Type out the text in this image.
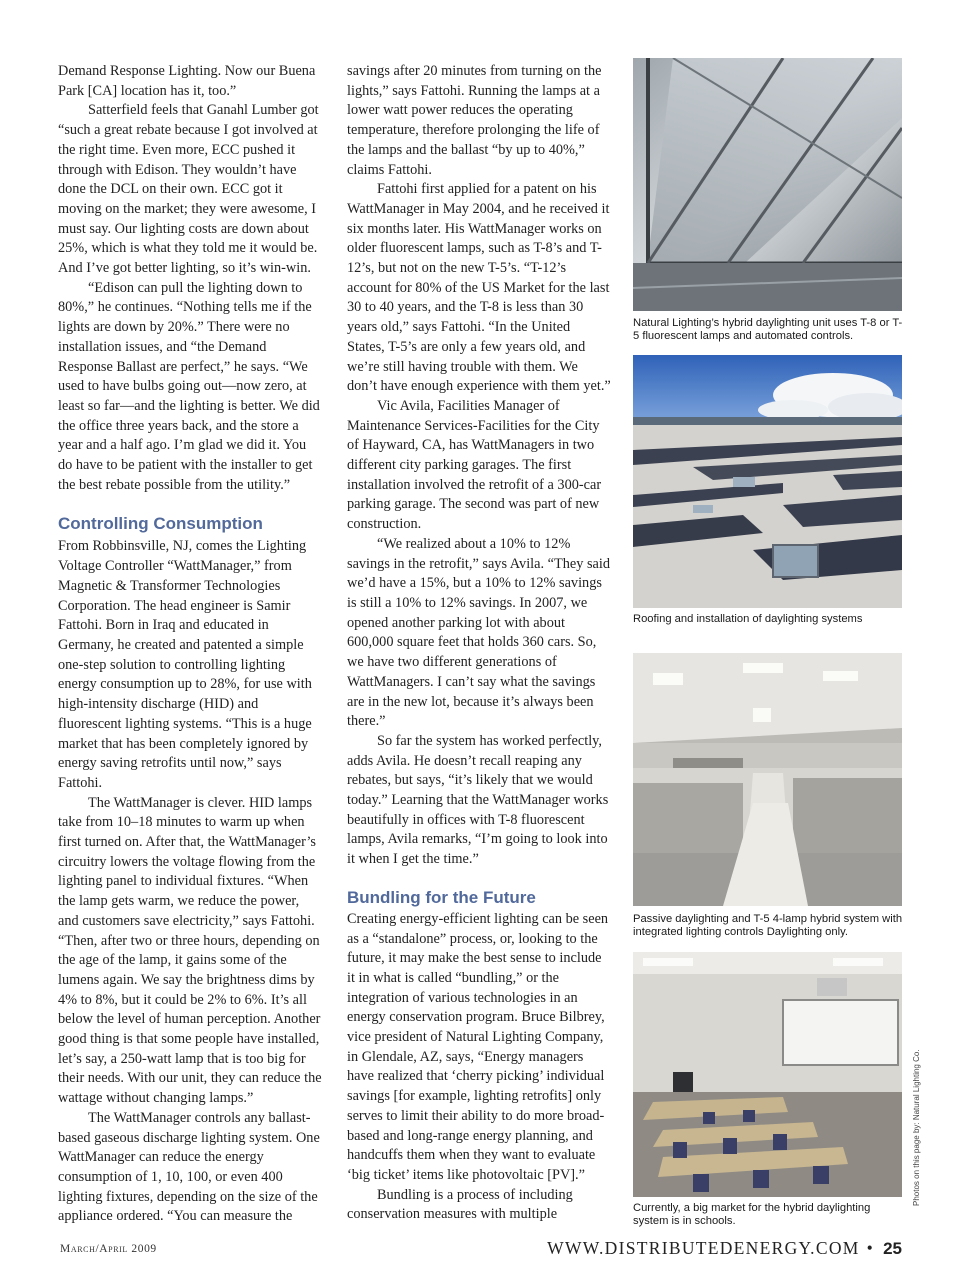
Demand Response Lighting. Now our Buena Park [CA] location has it, too.”

Satterfield feels that Ganahl Lumber got “such a great rebate because I got involved at the right time. Even more, ECC pushed it through with Edison. They wouldn’t have done the DCL on their own. ECC got it moving on the market; they were awesome, I must say. Our lighting costs are down about 25%, which is what they told me it would be. And I’ve got better lighting, so it’s win-win.

“Edison can pull the lighting down to 80%,” he continues. “Nothing tells me if the lights are down by 20%.” There were no installation issues, and “the Demand Response Ballast are perfect,” he says. “We used to have bulbs going out—now zero, at least so far—and the lighting is better. We did the office three years back, and the store a year and a half ago. I’m glad we did it. You do have to be patient with the installer to get the best rebate possible from the utility.”

Controlling Consumption

From Robbinsville, NJ, comes the Lighting Voltage Controller “WattManager,” from Magnetic & Transformer Technologies Corporation. The head engineer is Samir Fattohi. Born in Iraq and educated in Germany, he created and patented a simple one-step solution to controlling lighting energy consumption up to 28%, for use with high-intensity discharge (HID) and fluorescent lighting systems. “This is a huge market that has been completely ignored by energy saving retrofits until now,” says Fattohi.

The WattManager is clever. HID lamps take from 10–18 minutes to warm up when first turned on. After that, the WattManager’s circuitry lowers the voltage flowing from the lighting panel to individual fixtures. “When the lamp gets warm, we reduce the power, and customers save electricity,” says Fattohi. “Then, after two or three hours, depending on the age of the lamp, it gains some of the lumens again. We say the brightness dims by 4% to 8%, but it could be 2% to 6%. It’s all below the level of human perception. Another good thing is that some people have installed, let’s say, a 250-watt lamp that is too big for their needs. With our unit, they can reduce the wattage without changing lamps.”

The WattManager controls any ballast-based gaseous discharge lighting system. One WattManager can reduce the energy consumption of 1, 10, 100, or even 400 lighting fixtures, depending on the size of the appliance ordered. “You can measure the

savings after 20 minutes from turning on the lights,” says Fattohi. Running the lamps at a lower watt power reduces the operating temperature, therefore prolonging the life of the lamps and the ballast “by up to 40%,” claims Fattohi.

Fattohi first applied for a patent on his WattManager in May 2004, and he received it six months later. His WattManager works on older fluorescent lamps, such as T-8’s and T-12’s, but not on the new T-5’s. “T-12’s account for 80% of the US Market for the last 30 to 40 years, and the T-8 is less than 30 years old,” says Fattohi. “In the United States, T-5’s are only a few years old, and we’re still having trouble with them. We don’t have enough experience with them yet.”

Vic Avila, Facilities Manager of Maintenance Services-Facilities for the City of Hayward, CA, has WattManagers in two different city parking garages. The first installation involved the retrofit of a 300-car parking garage. The second was part of new construction.

“We realized about a 10% to 12% savings in the retrofit,” says Avila. “They said we’d have a 15%, but a 10% to 12% savings is still a 10% to 12% savings. In 2007, we opened another parking lot with about 600,000 square feet that holds 360 cars. So, we have two different generations of WattManagers. I can’t say what the savings are in the new lot, because it’s always been there.”

So far the system has worked perfectly, adds Avila. He doesn’t recall reaping any rebates, but says, “it’s likely that we would today.” Learning that the WattManager works beautifully in offices with T-8 fluorescent lamps, Avila remarks, “I’m going to look into it when I get the time.”

Bundling for the Future

Creating energy-efficient lighting can be seen as a “standalone” process, or, looking to the future, it may make the best sense to include it in what is called “bundling,” or the integration of various technologies in an energy conservation program. Bruce Bilbrey, vice president of Natural Lighting Company, in Glendale, AZ, says, “Energy managers have realized that ‘cherry picking’ individual savings [for example, lighting retrofits] only serves to limit their ability to do more broad-based and long-range energy planning, and handcuffs them when they want to evaluate ‘big ticket’ items like photovoltaic [PV].”

Bundling is a process of including conservation measures with multiple

Natural Lighting’s hybrid daylighting unit uses T-8 or T-5 fluorescent lamps and automated controls.
Roofing and installation of daylighting systems
Passive daylighting and T-5 4-lamp hybrid system with integrated lighting controls Daylighting only.
Currently, a big market for the hybrid daylighting system is in schools.
Photos on this page by: Natural Lighting Co.
March/April 2009	WWW.DISTRIBUTEDENERGY.COM • 25
